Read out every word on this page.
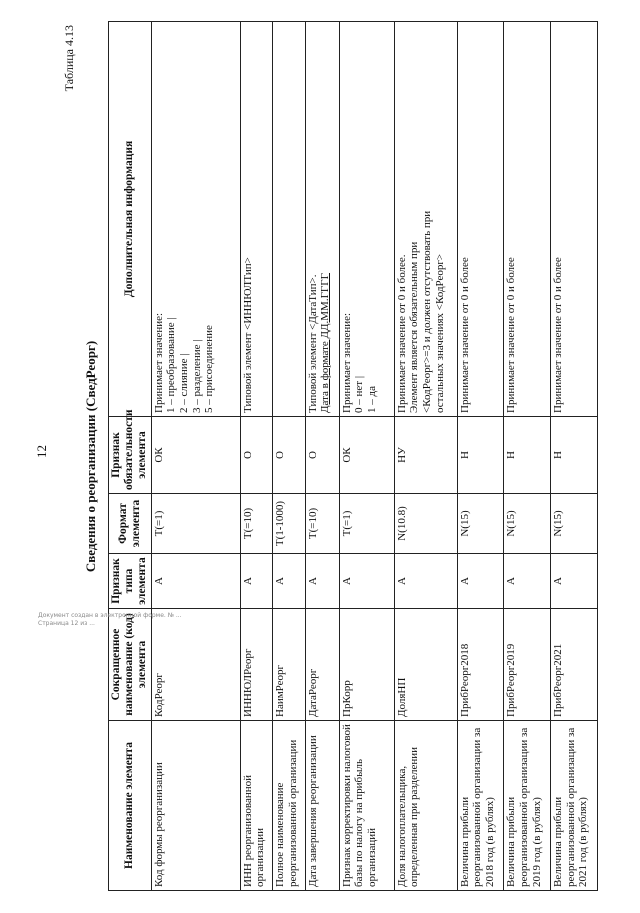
12
Таблица 4.13
Сведения о реорганизации (СведРеорг)
Наименование элемента	Сокращенное наименование (код) элемента	Признак типа элемента	Формат элемента	Признак обязательности элемента	Дополнительная информация
Код формы реорганизации	КодРеорг	А	T(=1)	ОК	Принимает значение: 1 – преобразование | 2 – слияние | 3 – разделение | 5 – присоединение

ИНН реорганизованной организации	ИННЮЛРеорг	А	T(=10)	О	Типовой элемент <ИННЮЛТип>

Полное наименование реорганизованной организации	НаимРеорг	А	T(1-1000)	О	
Дата завершения реорганизации	ДатаРеорг	А	T(=10)	О	Типовой элемент <ДатаТип>. Дата в формате ДД.ММ.ГГГГ

Признак корректировки налоговой базы по налогу на прибыль организаций	ПрКорр	А	T(=1)	ОК	Принимает значение: 0 – нет | 1 – да

Доля налогоплательщика, определенная при разделении	ДоляНП	А	N(10.8)	НУ	Принимает значение от 0 и более. Элемент является обязательным при <КодРеорг>=3 и должен отсутствовать при остальных значениях <КодРеорг>

Величина прибыли реорганизованной организации за 2018 год (в рублях)	ПрибРеорг2018	А	N(15)	Н	Принимает значение от 0 и более

Величина прибыли реорганизованной организации за 2019 год (в рублях)	ПрибРеорг2019	А	N(15)	Н	Принимает значение от 0 и более

Величина прибыли реорганизованной организации за 2021 год (в рублях)	ПрибРеорг2021	А	N(15)	Н	Принимает значение от 0 и более
Документ создан в электронной форме. № ...
Страница 12 из ...
